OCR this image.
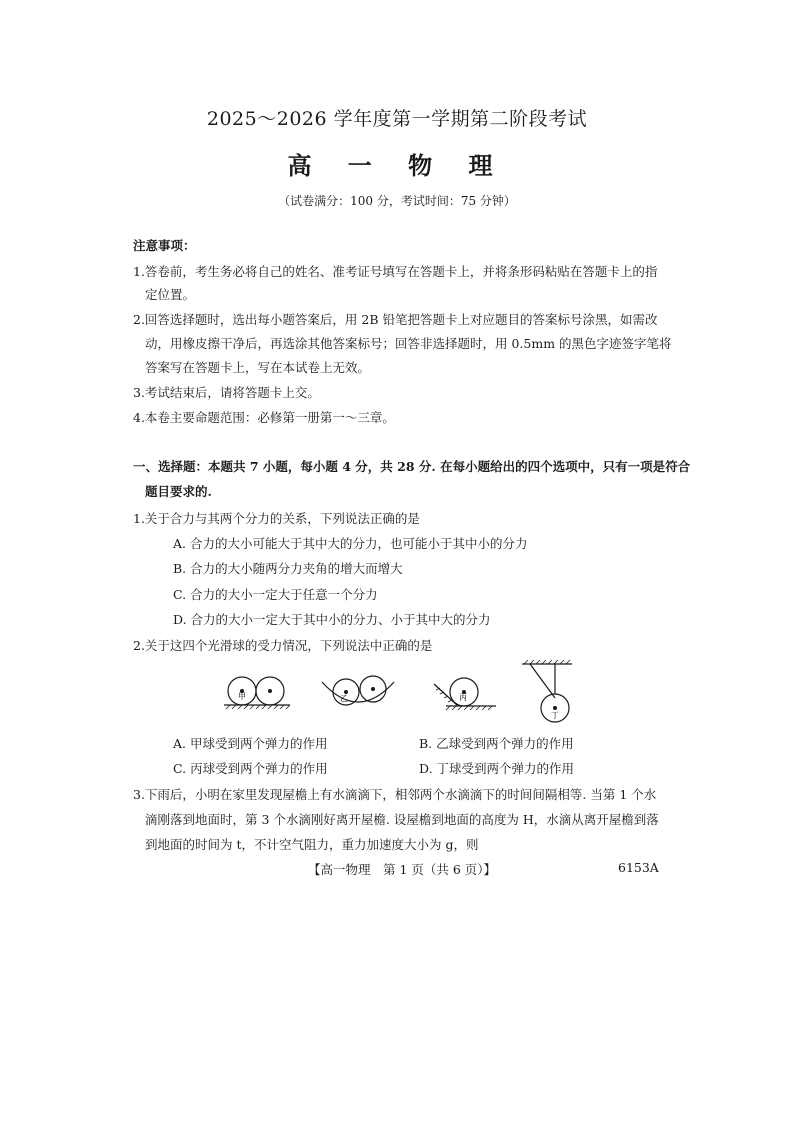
2025～2026 学年度第一学期第二阶段考试
高 一 物 理
（试卷满分：100 分，考试时间：75 分钟）
注意事项：
1.答卷前，考生务必将自己的姓名、准考证号填写在答题卡上，并将条形码粘贴在答题卡上的指
定位置。
2.回答选择题时，选出每小题答案后，用 2B 铅笔把答题卡上对应题目的答案标号涂黑，如需改
动，用橡皮擦干净后，再选涂其他答案标号；回答非选择题时，用 0.5mm 的黑色字迹签字笔将
答案写在答题卡上，写在本试卷上无效。
3.考试结束后，请将答题卡上交。
4.本卷主要命题范围：必修第一册第一～三章。
一、选择题：本题共 7 小题，每小题 4 分，共 28 分. 在每小题给出的四个选项中，只有一项是符合
题目要求的.
1.关于合力与其两个分力的关系，下列说法正确的是
A. 合力的大小可能大于其中大的分力，也可能小于其中小的分力
B. 合力的大小随两分力夹角的增大而增大
C. 合力的大小一定大于任意一个分力
D. 合力的大小一定大于其中小的分力、小于其中大的分力
2.关于这四个光滑球的受力情况，下列说法中正确的是
甲	乙	丙
丁
A. 甲球受到两个弹力的作用	B. 乙球受到两个弹力的作用
C. 丙球受到两个弹力的作用	D. 丁球受到两个弹力的作用
3.下雨后，小明在家里发现屋檐上有水滴滴下，相邻两个水滴滴下的时间间隔相等. 当第 1 个水
滴刚落到地面时，第 3 个水滴刚好离开屋檐. 设屋檐到地面的高度为 H，水滴从离开屋檐到落
到地面的时间为 t，不计空气阻力，重力加速度大小为 g，则
【高一物理　第 1 页（共 6 页）】	6153A
